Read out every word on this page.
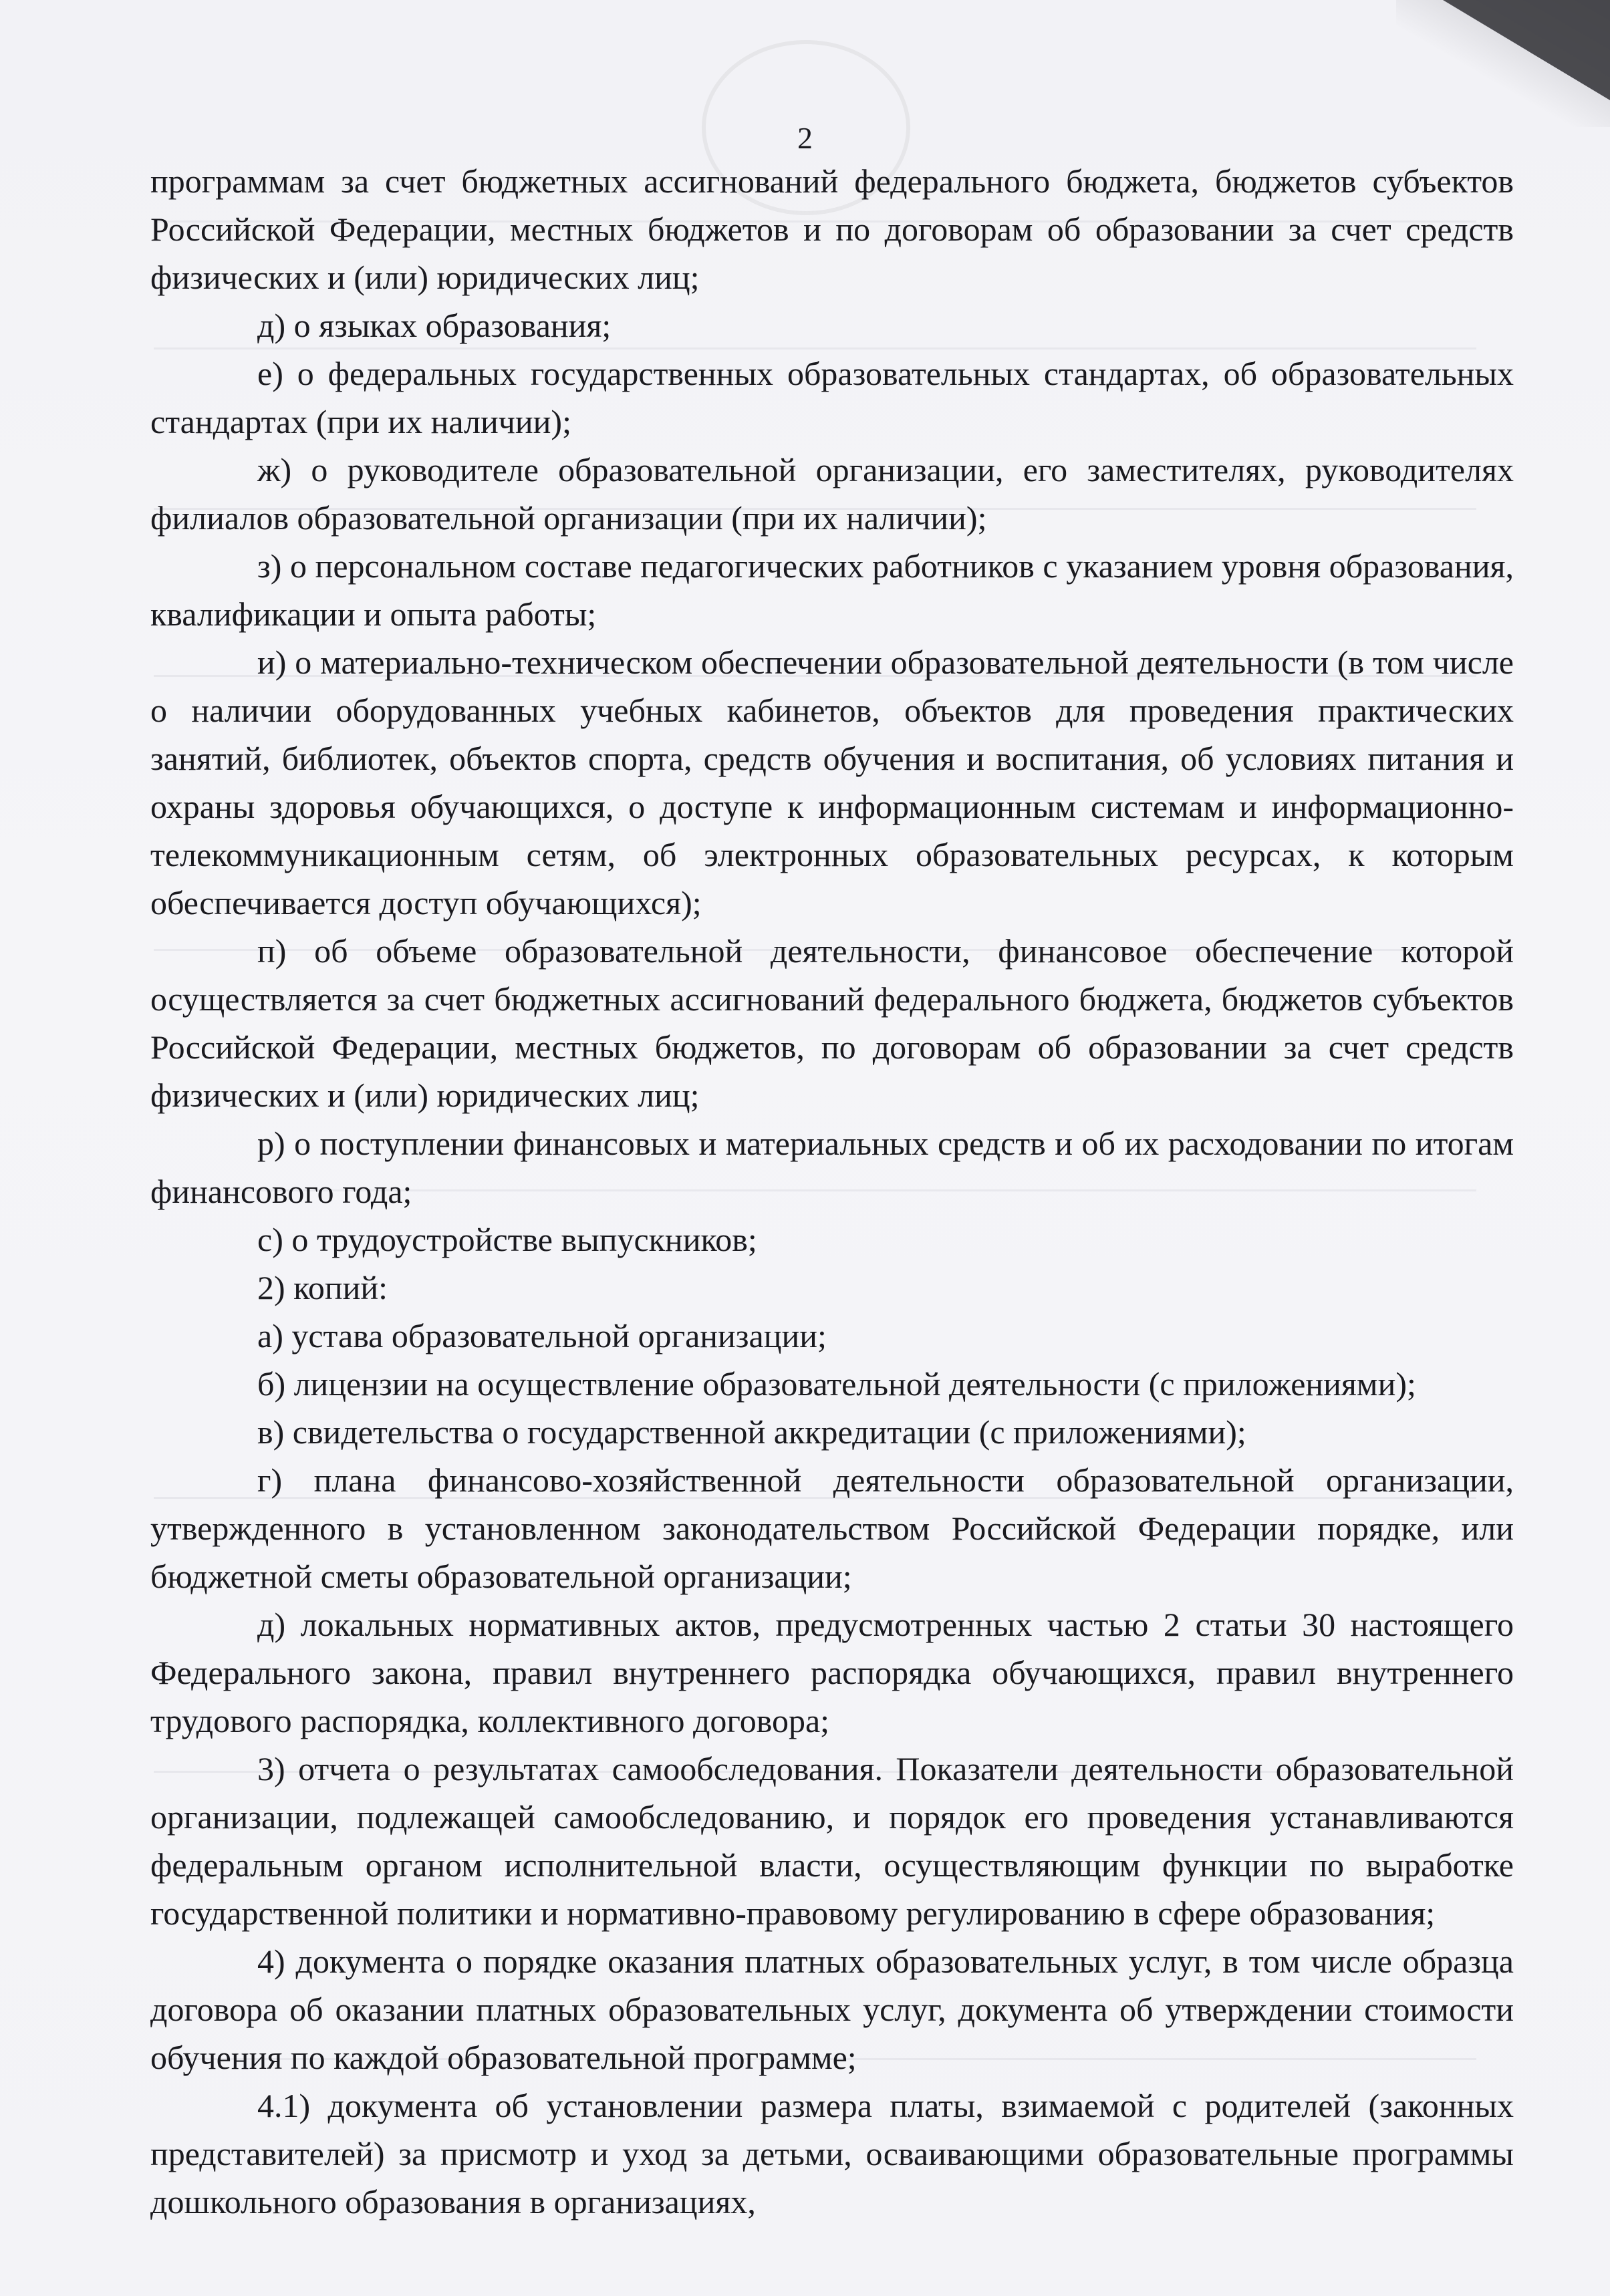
2

программам за счет бюджетных ассигнований федерального бюджета, бюджетов субъектов Российской Федерации, местных бюджетов и по договорам об образовании за счет средств физических и (или) юридических лиц;

д) о языках образования;

е) о федеральных государственных образовательных стандартах, об образовательных стандартах (при их наличии);

ж) о руководителе образовательной организации, его заместителях, руководителях филиалов образовательной организации (при их наличии);

з) о персональном составе педагогических работников с указанием уровня образования, квалификации и опыта работы;

и) о материально-техническом обеспечении образовательной деятельности (в том числе о наличии оборудованных учебных кабинетов, объектов для проведения практических занятий, библиотек, объектов спорта, средств обучения и воспитания, об условиях питания и охраны здоровья обучающихся, о доступе к информационным системам и информационно-телекоммуникационным сетям, об электронных образовательных ресурсах, к которым обеспечивается доступ обучающихся);

п) об объеме образовательной деятельности, финансовое обеспечение которой осуществляется за счет бюджетных ассигнований федерального бюджета, бюджетов субъектов Российской Федерации, местных бюджетов, по договорам об образовании за счет средств физических и (или) юридических лиц;

р) о поступлении финансовых и материальных средств и об их расходовании по итогам финансового года;

с) о трудоустройстве выпускников;

2) копий:

а) устава образовательной организации;

б) лицензии на осуществление образовательной деятельности (с приложениями);

в) свидетельства о государственной аккредитации (с приложениями);

г) плана финансово-хозяйственной деятельности образовательной организации, утвержденного в установленном законодательством Российской Федерации порядке, или бюджетной сметы образовательной организации;

д) локальных нормативных актов, предусмотренных частью 2 статьи 30 настоящего Федерального закона, правил внутреннего распорядка обучающихся, правил внутреннего трудового распорядка, коллективного договора;

3) отчета о результатах самообследования. Показатели деятельности образовательной организации, подлежащей самообследованию, и порядок его проведения устанавливаются федеральным органом исполнительной власти, осуществляющим функции по выработке государственной политики и нормативно-правовому регулированию в сфере образования;

4) документа о порядке оказания платных образовательных услуг, в том числе образца договора об оказании платных образовательных услуг, документа об утверждении стоимости обучения по каждой образовательной программе;

4.1) документа об установлении размера платы, взимаемой с родителей (законных представителей) за присмотр и уход за детьми, осваивающими образовательные программы дошкольного образования в организациях,
